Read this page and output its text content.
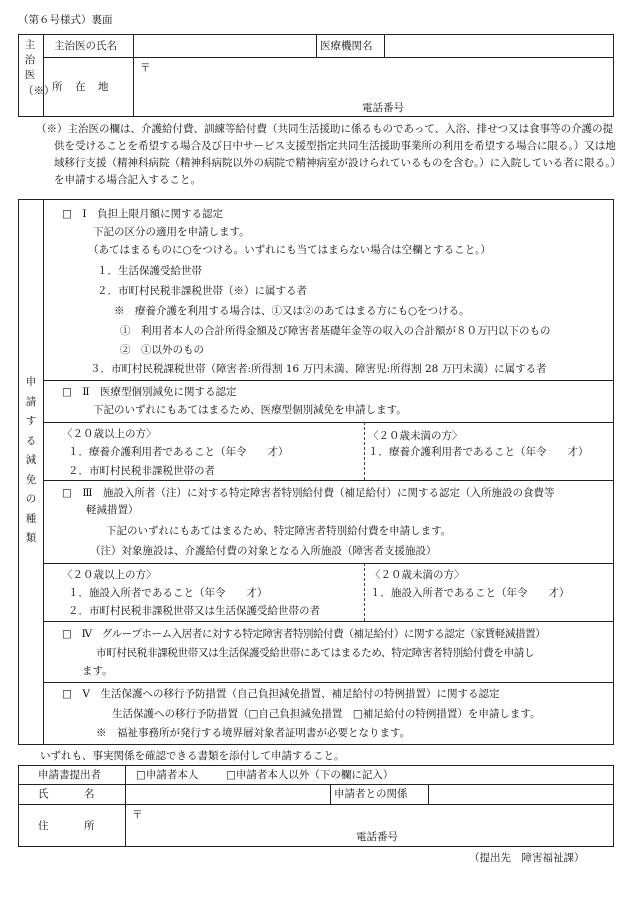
（第６号様式）裏面
主治医（※）
主治医の氏名	医療機関名
所　在　地
〒
電話番号
（※）主治医の欄は、介護給付費、訓練等給付費（共同生活援助に係るものであって、入浴、排せつ又は食事等の介護の提供を受けることを希望する場合及び日中サービス支援型指定共同生活援助事業所の利用を希望する場合に限る。）又は地域移行支援（精神科病院（精神科病院以外の病院で精神病室が設けられているものを含む。）に入院している者に限る。）を申請する場合記入すること。
申請する減免の種類
□　Ⅰ　負担上限月額に関する認定
下記の区分の適用を申請します。
（あてはまるものに○をつける。いずれにも当てはまらない場合は空欄とすること。）
１．生活保護受給世帯
２．市町村民税非課税世帯（※）に属する者
※　療養介護を利用する場合は、①又は②のあてはまる方にも○をつける。
①　利用者本人の合計所得金額及び障害者基礎年金等の収入の合計額が８０万円以下のもの
②　①以外のもの
３．市町村民税課税世帯（障害者:所得割 16 万円未満、障害児:所得割 28 万円未満）に属する者
□　Ⅱ　医療型個別減免に関する認定
下記のいずれにもあてはまるため、医療型個別減免を申請します。
〈２０歳以上の方〉
１．療養介護利用者であること（年令　　才）
２．市町村民税非課税世帯の者
〈２０歳未満の方〉
１．療養介護利用者であること（年令　　才）
□　Ⅲ　施設入所者（注）に対する特定障害者特別給付費（補足給付）に関する認定（入所施設の食費等
軽減措置）
下記のいずれにもあてはまるため、特定障害者特別給付費を申請します。
（注）対象施設は、介護給付費の対象となる入所施設（障害者支援施設）
〈２０歳以上の方〉
１．施設入所者であること（年令　　才）
２．市町村民税非課税世帯又は生活保護受給世帯の者
〈２０歳未満の方〉
１．施設入所者であること（年令　　才）
□　Ⅳ　グループホーム入居者に対する特定障害者特別給付費（補足給付）に関する認定（家賃軽減措置）
市町村民税非課税世帯又は生活保護受給世帯にあてはまるため、特定障害者特別給付費を申請し
ます。
□　Ⅴ　生活保護への移行予防措置（自己負担減免措置、補足給付の特例措置）に関する認定
生活保護への移行予防措置（□自己負担減免措置　□補足給付の特例措置）を申請します。
※　福祉事務所が発行する境界層対象者証明書が必要となります。
いずれも、事実関係を確認できる書類を添付して申請すること。
申請書提出者	□申請者本人	□申請者本人以外（下の欄に記入）
氏　　　名	申請者との関係
住　　　所
〒
電話番号
（提出先　障害福祉課）
